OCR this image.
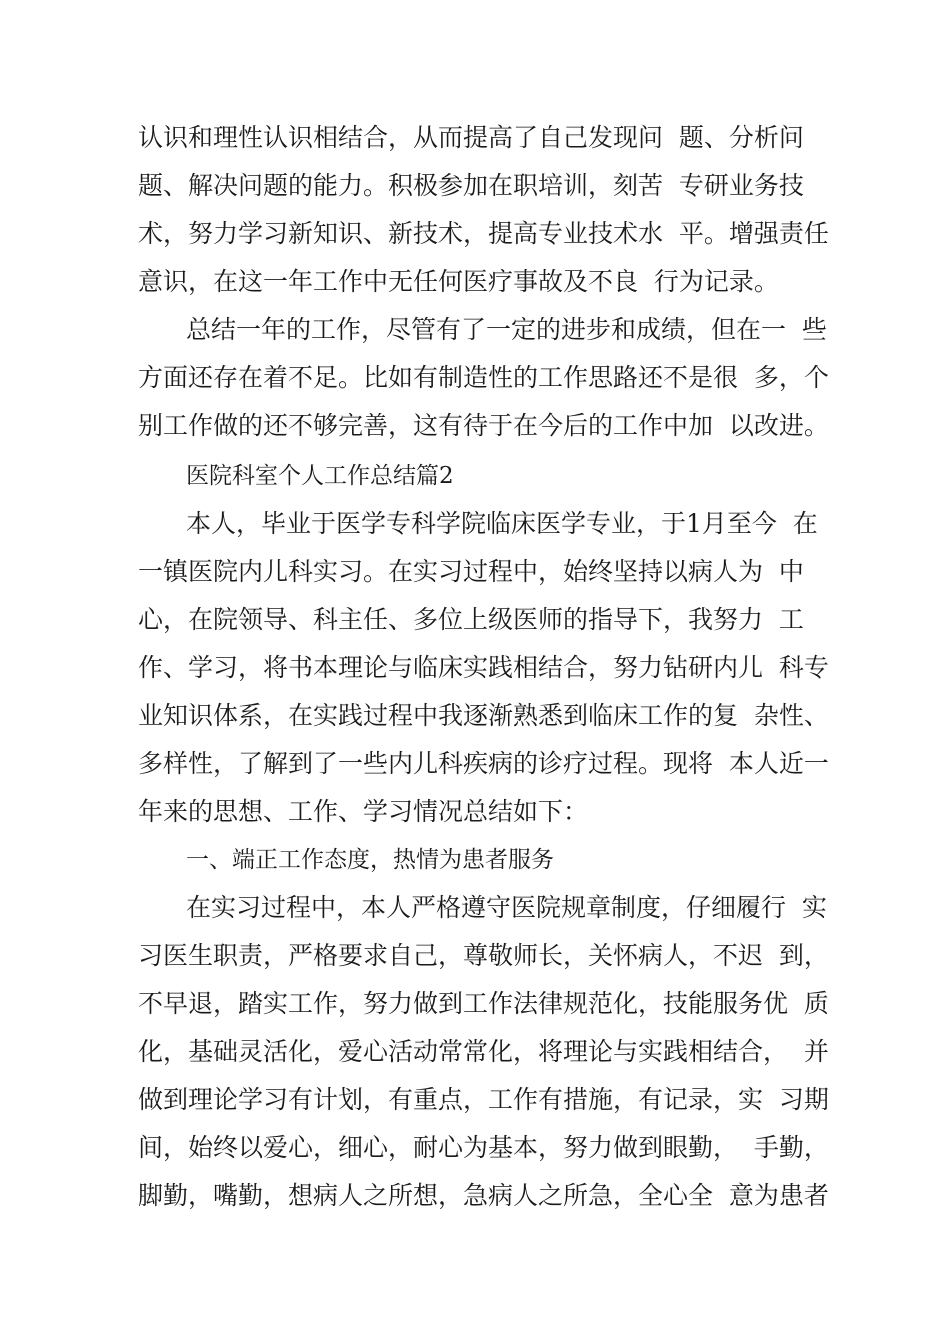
认识和理性认识相结合，从而提高了自己发现问  题、分析问
题、解决问题的能力。积极参加在职培训，刻苦  专研业务技
术，努力学习新知识、新技术，提高专业技术水  平。增强责任
意识，在这一年工作中无任何医疗事故及不良  行为记录。
总结一年的工作，尽管有了一定的进步和成绩，但在一  些
方面还存在着不足。比如有制造性的工作思路还不是很  多，个
别工作做的还不够完善，这有待于在今后的工作中加  以改进。
医院科室个人工作总结篇2
本人，毕业于医学专科学院临床医学专业，于1月至今  在
一镇医院内儿科实习。在实习过程中，始终坚持以病人为  中
心，在院领导、科主任、多位上级医师的指导下，我努力  工
作、学习，将书本理论与临床实践相结合，努力钻研内儿  科专
业知识体系，在实践过程中我逐渐熟悉到临床工作的复  杂性、
多样性，了解到了一些内儿科疾病的诊疗过程。现将  本人近一
年来的思想、工作、学习情况总结如下：
一、端正工作态度，热情为患者服务
在实习过程中，本人严格遵守医院规章制度，仔细履行  实
习医生职责，严格要求自己，尊敬师长，关怀病人，不迟  到，
不早退，踏实工作，努力做到工作法律规范化，技能服务优  质
化，基础灵活化，爱心活动常常化，将理论与实践相结合，  并
做到理论学习有计划，有重点，工作有措施，有记录，实  习期
间，始终以爱心，细心，耐心为基本，努力做到眼勤，  手勤，
脚勤，嘴勤，想病人之所想，急病人之所急，全心全  意为患者
